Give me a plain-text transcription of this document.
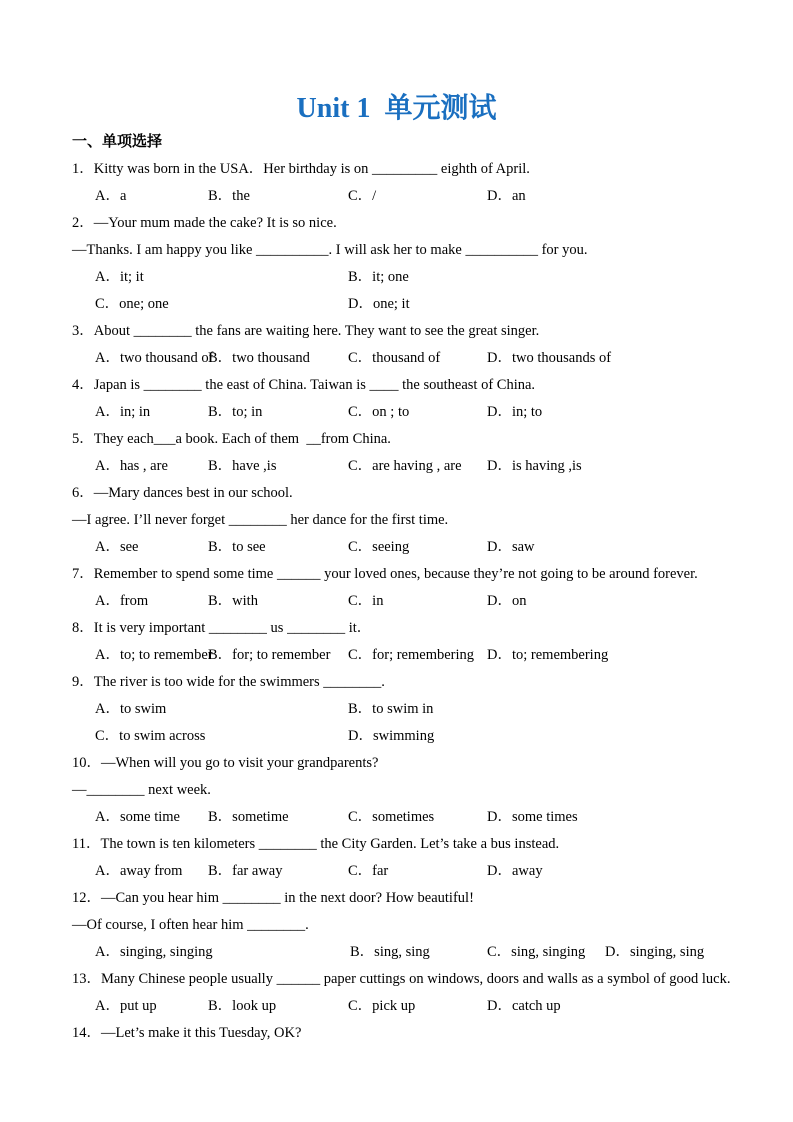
Unit 1  单元测试
一、单项选择
1．Kitty was born in the USA．Her birthday is on _________ eighth of April.
A．a	B．the	C．/	D．an
2．—Your mum made the cake? It is so nice.
—Thanks. I am happy you like __________. I will ask her to make __________ for you.
A．it; it	B．it; one
C．one; one	D．one; it
3．About ________ the fans are waiting here. They want to see the great singer.
A．two thousand of
B．two thousand	C．thousand of	D．two thousands of
4．Japan is ________ the east of China. Taiwan is ____ the southeast of China.
A．in; in	B．to; in	C．on ; to	D．in; to
5．They each___a book. Each of them  __from China.
A．has , are	B．have ,is	C．are having , are D．is having ,is
6．—Mary dances best in our school.
—I agree. I’ll never forget ________ her dance for the first time.
A．see	B．to see	C．seeing	D．saw
7．Remember to spend some time ______ your loved ones, because they’re not going to be around forever.
A．from	B．with	C．in	D．on
8．It is very important ________ us ________ it．
A．to; to remember
B．for; to remember C．for; remembering D．to; remembering
9．The river is too wide for the swimmers ________.
A．to swim	B．to swim in
C．to swim across	D．swimming
10．—When will you go to visit your grandparents?
—________ next week.
A．some time B．sometime	C．sometimes	D．some times
11．The town is ten kilometers ________ the City Garden. Let’s take a bus instead.
A．away from B．far away	C．far	D．away
12．—Can you hear him ________ in the next door? How beautiful!
—Of course, I often hear him ________.
A．singing, singing	B．sing, sing	C．sing, singing D．singing, sing
13．Many Chinese people usually ______ paper cuttings on windows, doors and walls as a symbol of good luck.
A．put up	B．look up	C．pick up	D．catch up
14．—Let’s make it this Tuesday, OK?
